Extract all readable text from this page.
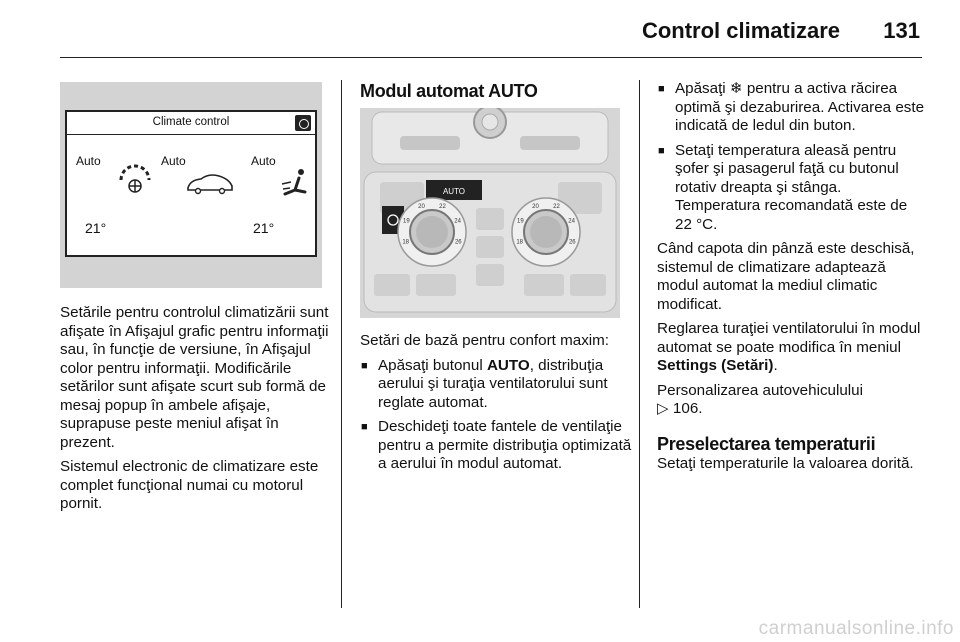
Control climatizare 131
Climate control
Auto	Auto	Auto
21°	21°

Setările pentru controlul climatizării sunt afişate în Afişajul grafic pentru informaţii sau, în funcţie de versiune, în Afişajul color pentru informaţii. Modificările setărilor sunt afişate scurt sub formă de mesaj popup în ambele afişaje, suprapuse peste meniul afişat în prezent.

Sistemul electronic de climatizare este complet funcţional numai cu motorul pornit.

Modul automat AUTO
AUTO
18
19
20 22
24
26	18
19
20 22
24
26

Setări de bază pentru confort maxim:

■ Apăsaţi butonul AUTO, distribuţia aerului şi turaţia ventilatorului sunt reglate automat.
■ Deschideţi toate fantele de ventilaţie pentru a permite distribuţia optimizată a aerului în modul automat.
■ Apăsaţi ❄ pentru a activa răcirea optimă şi dezaburirea. Activarea este indicată de ledul din buton.
■ Setaţi temperatura aleasă pentru şofer şi pasagerul faţă cu butonul rotativ dreapta şi stânga. Temperatura recomandată este de 22 °C.

Când capota din pânză este deschisă, sistemul de climatizare adaptează modul automat la mediul climatic modificat.

Reglarea turaţiei ventilatorului în modul automat se poate modifica în meniul Settings (Setări).

Personalizarea autovehiculului
▷ 106.

Preselectarea temperaturii

Setaţi temperaturile la valoarea dorită.

carmanualsonline.info
